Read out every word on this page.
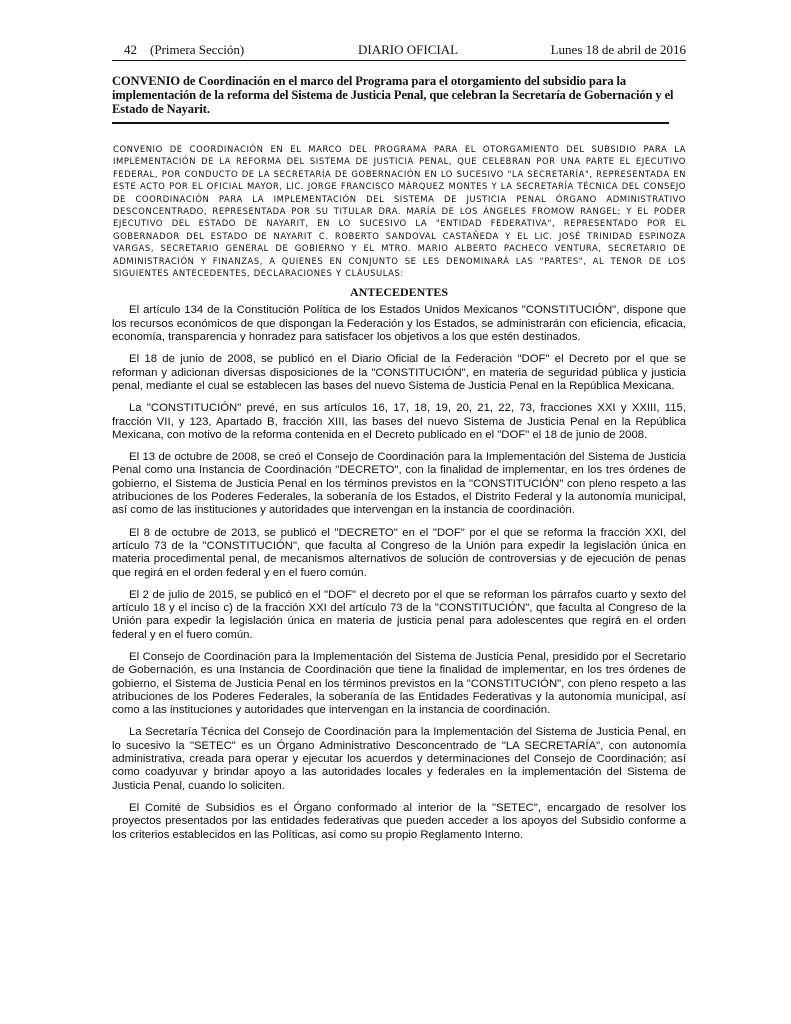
42    (Primera Sección)	DIARIO OFICIAL	Lunes 18 de abril de 2016
CONVENIO de Coordinación en el marco del Programa para el otorgamiento del subsidio para la implementación de la reforma del Sistema de Justicia Penal, que celebran la Secretaría de Gobernación y el Estado de Nayarit.
CONVENIO DE COORDINACIÓN EN EL MARCO DEL PROGRAMA PARA EL OTORGAMIENTO DEL SUBSIDIO PARA LA IMPLEMENTACIÓN DE LA REFORMA DEL SISTEMA DE JUSTICIA PENAL, QUE CELEBRAN POR UNA PARTE EL EJECUTIVO FEDERAL, POR CONDUCTO DE LA SECRETARÍA DE GOBERNACIÓN EN LO SUCESIVO "LA SECRETARÍA", REPRESENTADA EN ESTE ACTO POR EL OFICIAL MAYOR, LIC. JORGE FRANCISCO MÁRQUEZ MONTES Y LA SECRETARÍA TÉCNICA DEL CONSEJO DE COORDINACIÓN PARA LA IMPLEMENTACIÓN DEL SISTEMA DE JUSTICIA PENAL ÓRGANO ADMINISTRATIVO DESCONCENTRADO, REPRESENTADA POR SU TITULAR DRA. MARÍA DE LOS ÁNGELES FROMOW RANGEL; Y EL PODER EJECUTIVO DEL ESTADO DE NAYARIT, EN LO SUCESIVO LA "ENTIDAD FEDERATIVA", REPRESENTADO POR EL GOBERNADOR DEL ESTADO DE NAYARIT C. ROBERTO SANDOVAL CASTAÑEDA Y EL LIC. JOSÉ TRINIDAD ESPINOZA VARGAS, SECRETARIO GENERAL DE GOBIERNO Y EL MTRO. MARIO ALBERTO PACHECO VENTURA, SECRETARIO DE ADMINISTRACIÓN Y FINANZAS, A QUIENES EN CONJUNTO SE LES DENOMINARÁ LAS "PARTES", AL TENOR DE LOS SIGUIENTES ANTECEDENTES, DECLARACIONES Y CLÁUSULAS:
ANTECEDENTES

El artículo 134 de la Constitución Política de los Estados Unidos Mexicanos "CONSTITUCIÓN", dispone que los recursos económicos de que dispongan la Federación y los Estados, se administrarán con eficiencia, eficacia, economía, transparencia y honradez para satisfacer los objetivos a los que estén destinados.

El 18 de junio de 2008, se publicó en el Diario Oficial de la Federación "DOF" el Decreto por el que se reforman y adicionan diversas disposiciones de la "CONSTITUCIÓN", en materia de seguridad pública y justicia penal, mediante el cual se establecen las bases del nuevo Sistema de Justicia Penal en la República Mexicana.

La "CONSTITUCIÓN" prevé, en sus artículos 16, 17, 18, 19, 20, 21, 22, 73, fracciones XXI y XXIII, 115, fracción VII, y 123, Apartado B, fracción XIII, las bases del nuevo Sistema de Justicia Penal en la República Mexicana, con motivo de la reforma contenida en el Decreto publicado en el "DOF" el 18 de junio de 2008.

El 13 de octubre de 2008, se creó el Consejo de Coordinación para la Implementación del Sistema de Justicia Penal como una Instancia de Coordinación "DECRETO", con la finalidad de implementar, en los tres órdenes de gobierno, el Sistema de Justicia Penal en los términos previstos en la "CONSTITUCIÓN" con pleno respeto a las atribuciones de los Poderes Federales, la soberanía de los Estados, el Distrito Federal y la autonomía municipal, así como de las instituciones y autoridades que intervengan en la instancia de coordinación.

El 8 de octubre de 2013, se publicó el "DECRETO" en el "DOF" por el que se reforma la fracción XXI, del artículo 73 de la "CONSTITUCIÓN", que faculta al Congreso de la Unión para expedir la legislación única en materia procedimental penal, de mecanismos alternativos de solución de controversias y de ejecución de penas que regirá en el orden federal y en el fuero común.

El 2 de julio de 2015, se publicó en el "DOF" el decreto por el que se reforman los párrafos cuarto y sexto del artículo 18 y el inciso c) de la fracción XXI del artículo 73 de la "CONSTITUCIÓN", que faculta al Congreso de la Unión para expedir la legislación única en materia de justicia penal para adolescentes que regirá en el orden federal y en el fuero común.

El Consejo de Coordinación para la Implementación del Sistema de Justicia Penal, presidido por el Secretario de Gobernación, es una Instancia de Coordinación que tiene la finalidad de implementar, en los tres órdenes de gobierno, el Sistema de Justicia Penal en los términos previstos en la "CONSTITUCIÓN", con pleno respeto a las atribuciones de los Poderes Federales, la soberanía de las Entidades Federativas y la autonomía municipal, así como a las instituciones y autoridades que intervengan en la instancia de coordinación.

La Secretaría Técnica del Consejo de Coordinación para la Implementación del Sistema de Justicia Penal, en lo sucesivo la "SETEC" es un Órgano Administrativo Desconcentrado de "LA SECRETARÍA", con autonomía administrativa, creada para operar y ejecutar los acuerdos y determinaciones del Consejo de Coordinación; así como coadyuvar y brindar apoyo a las autoridades locales y federales en la implementación del Sistema de Justicia Penal, cuando lo soliciten.

El Comité de Subsidios es el Órgano conformado al interior de la "SETEC", encargado de resolver los proyectos presentados por las entidades federativas que pueden acceder a los apoyos del Subsidio conforme a los criterios establecidos en las Políticas, así como su propio Reglamento Interno.
